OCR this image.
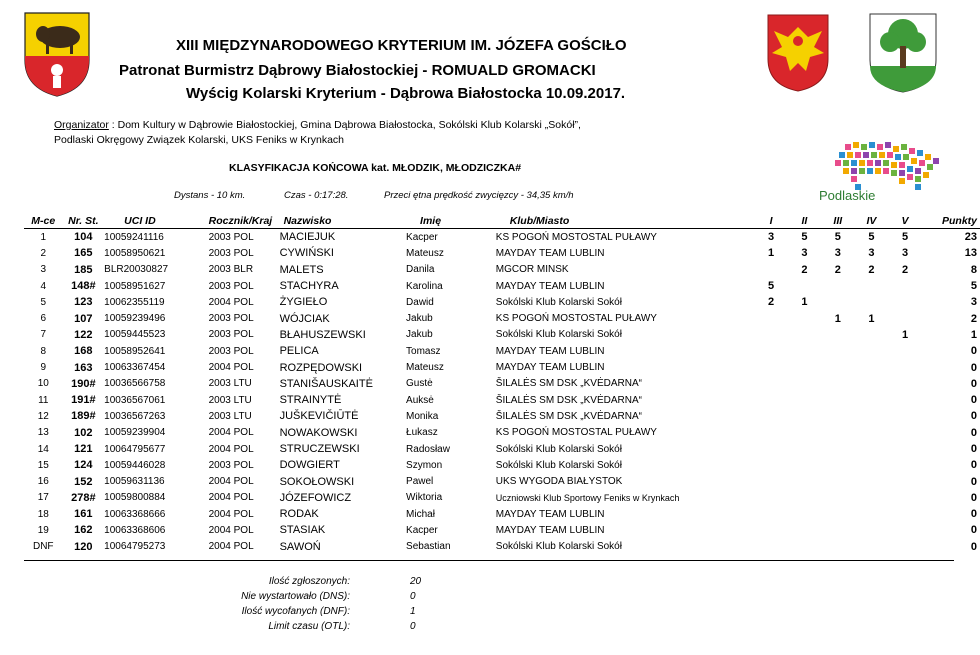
Podlaskie
XIII MIĘDZYNARODOWEGO KRYTERIUM IM. JÓZEFA GOŚCIŁO
Patronat Burmistrz Dąbrowy Białostockiej - ROMUALD GROMACKI
Wyścig Kolarski Kryterium - Dąbrowa Białostocka 10.09.2017.
Organizator : Dom Kultury w Dąbrowie Białostockiej, Gmina Dąbrowa Białostocka, Sokólski Klub Kolarski „Sokół”,
Podlaski Okręgowy Związek Kolarski, UKS Feniks w Krynkach
KLASYFIKACJA KOŃCOWA kat. MŁODZIK, MŁODZICZKA#
Dystans - 10 km.	Czas - 0:17:28.	Przeci ętna prędkość zwycięzcy - 34,35 km/h
M-ce	Nr. St.	UCI ID	Rocznik/Kraj	Nazwisko	Imię	Klub/Miasto	I	II	III	IV	V	Punkty
1	104	10059241116	2003 POL	MACIEJUK	Kacper	KS POGOŃ MOSTOSTAL PUŁAWY	3	5	5	5	5	23
2	165	10058950621	2003 POL	CYWIŃSKI	Mateusz	MAYDAY TEAM LUBLIN	1	3	3	3	3	13
3	185	BLR20030827	2003 BLR	MALETS	Danila	MGCOR MINSK		2	2	2	2	8
4	148#	10058951627	2003 POL	STACHYRA	Karolina	MAYDAY TEAM LUBLIN	5					5
5	123	10062355119	2004 POL	ŻYGIEŁO	Dawid	Sokólski Klub Kolarski Sokół	2	1				3
6	107	10059239496	2003 POL	WÓJCIAK	Jakub	KS POGOŃ MOSTOSTAL PUŁAWY			1	1		2
7	122	10059445523	2003 POL	BŁAHUSZEWSKI	Jakub	Sokólski Klub Kolarski Sokół					1	1
8	168	10058952641	2003 POL	PELICA	Tomasz	MAYDAY TEAM LUBLIN						0
9	163	10063367454	2004 POL	ROZPĘDOWSKI	Mateusz	MAYDAY TEAM LUBLIN						0
10	190#	10036566758	2003 LTU	STANIŠAUSKAITĖ	Gustė	ŠILALĖS SM DSK „KVĖDARNA“						0
11	191#	10036567061	2003 LTU	STRAINYTĖ	Auksė	ŠILALĖS SM DSK „KVĖDARNA“						0
12	189#	10036567263	2003 LTU	JUŠKEVIČIŪTĖ	Monika	ŠILALĖS SM DSK „KVĖDARNA“						0
13	102	10059239904	2004 POL	NOWAKOWSKI	Łukasz	KS POGOŃ MOSTOSTAL PUŁAWY						0
14	121	10064795677	2004 POL	STRUCZEWSKI	Radosław	Sokólski Klub Kolarski Sokół						0
15	124	10059446028	2003 POL	DOWGIERT	Szymon	Sokólski Klub Kolarski Sokół						0
16	152	10059631136	2004 POL	SOKOŁOWSKI	Pawel	UKS WYGODA BIAŁYSTOK						0
17	278#	10059800884	2004 POL	JÓZEFOWICZ	Wiktoria	Uczniowski Klub Sportowy Feniks w Krynkach						0
18	161	10063368666	2004 POL	RODAK	Michał	MAYDAY TEAM LUBLIN						0
19	162	10063368606	2004 POL	STASIAK	Kacper	MAYDAY TEAM LUBLIN						0
DNF	120	10064795273	2004 POL	SAWOŃ	Sebastian	Sokólski Klub Kolarski Sokół						0
Ilość zgłoszonych:	20
Nie wystartowało (DNS):	0
Ilość wycofanych (DNF):	1
Limit czasu (OTL):	0
